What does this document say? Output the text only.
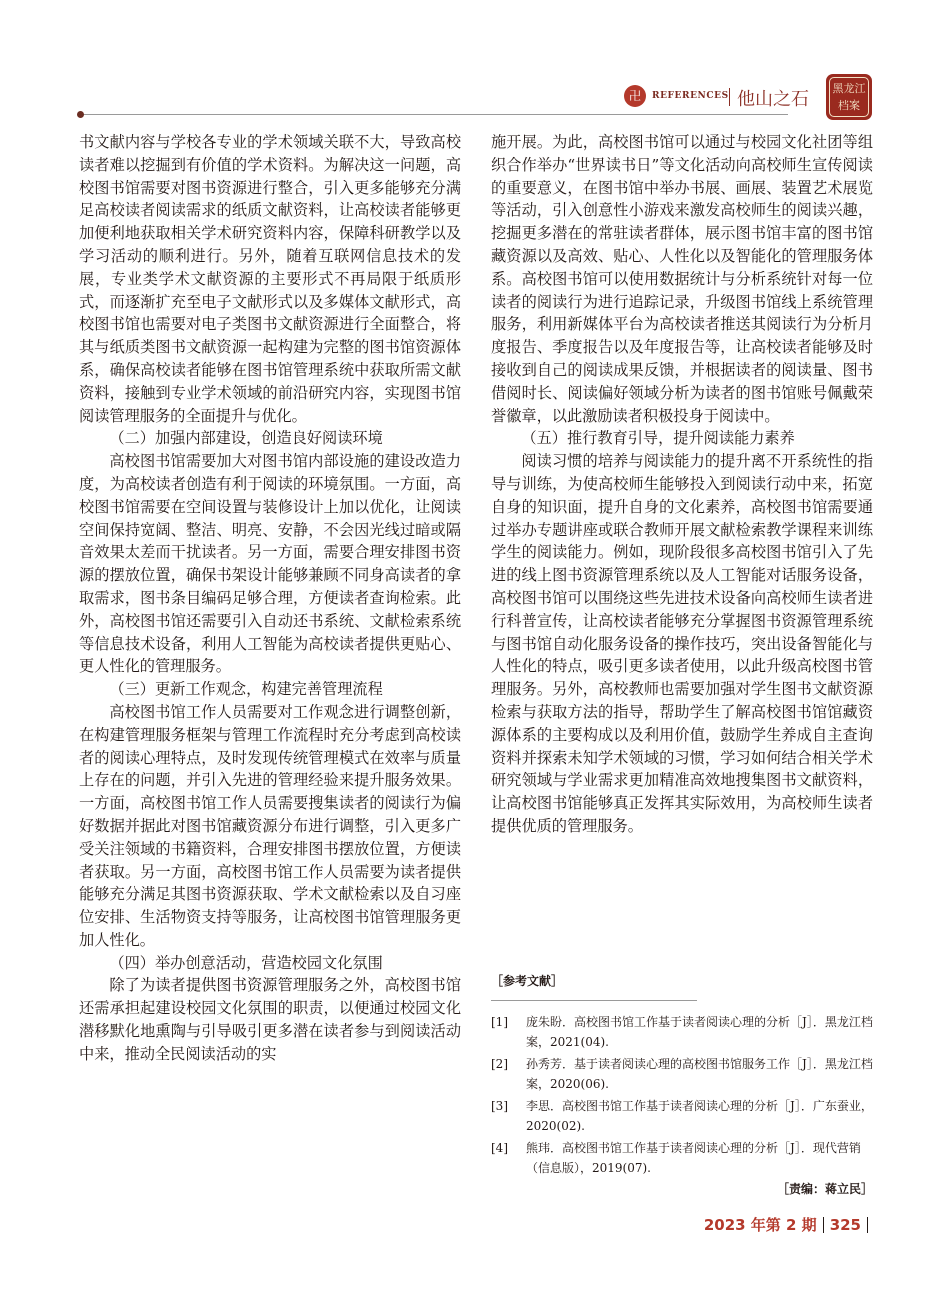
卍	REFERENCES 他山之石
黑龙江档案

书文献内容与学校各专业的学术领域关联不大，导致高校读者难以挖掘到有价值的学术资料。为解决这一问题，高校图书馆需要对图书资源进行整合，引入更多能够充分满足高校读者阅读需求的纸质文献资料，让高校读者能够更加便利地获取相关学术研究资料内容，保障科研教学以及学习活动的顺利进行。另外，随着互联网信息技术的发展，专业类学术文献资源的主要形式不再局限于纸质形式，而逐渐扩充至电子文献形式以及多媒体文献形式，高校图书馆也需要对电子类图书文献资源进行全面整合，将其与纸质类图书文献资源一起构建为完整的图书馆资源体系，确保高校读者能够在图书馆管理系统中获取所需文献资料，接触到专业学术领域的前沿研究内容，实现图书馆阅读管理服务的全面提升与优化。

（二）加强内部建设，创造良好阅读环境

高校图书馆需要加大对图书馆内部设施的建设改造力度，为高校读者创造有利于阅读的环境氛围。一方面，高校图书馆需要在空间设置与装修设计上加以优化，让阅读空间保持宽阔、整洁、明亮、安静，不会因光线过暗或隔音效果太差而干扰读者。另一方面，需要合理安排图书资源的摆放位置，确保书架设计能够兼顾不同身高读者的拿取需求，图书条目编码足够合理，方便读者查询检索。此外，高校图书馆还需要引入自动还书系统、文献检索系统等信息技术设备，利用人工智能为高校读者提供更贴心、更人性化的管理服务。

（三）更新工作观念，构建完善管理流程

高校图书馆工作人员需要对工作观念进行调整创新，在构建管理服务框架与管理工作流程时充分考虑到高校读者的阅读心理特点，及时发现传统管理模式在效率与质量上存在的问题，并引入先进的管理经验来提升服务效果。一方面，高校图书馆工作人员需要搜集读者的阅读行为偏好数据并据此对图书馆藏资源分布进行调整，引入更多广受关注领域的书籍资料，合理安排图书摆放位置，方便读者获取。另一方面，高校图书馆工作人员需要为读者提供能够充分满足其图书资源获取、学术文献检索以及自习座位安排、生活物资支持等服务，让高校图书馆管理服务更加人性化。

（四）举办创意活动，营造校园文化氛围

除了为读者提供图书资源管理服务之外，高校图书馆还需承担起建设校园文化氛围的职责，以便通过校园文化潜移默化地熏陶与引导吸引更多潜在读者参与到阅读活动中来，推动全民阅读活动的实

施开展。为此，高校图书馆可以通过与校园文化社团等组织合作举办“世界读书日”等文化活动向高校师生宣传阅读的重要意义，在图书馆中举办书展、画展、装置艺术展览等活动，引入创意性小游戏来激发高校师生的阅读兴趣，挖掘更多潜在的常驻读者群体，展示图书馆丰富的图书馆藏资源以及高效、贴心、人性化以及智能化的管理服务体系。高校图书馆可以使用数据统计与分析系统针对每一位读者的阅读行为进行追踪记录，升级图书馆线上系统管理服务，利用新媒体平台为高校读者推送其阅读行为分析月度报告、季度报告以及年度报告等，让高校读者能够及时接收到自己的阅读成果反馈，并根据读者的阅读量、图书借阅时长、阅读偏好领域分析为读者的图书馆账号佩戴荣誉徽章，以此激励读者积极投身于阅读中。

（五）推行教育引导，提升阅读能力素养

阅读习惯的培养与阅读能力的提升离不开系统性的指导与训练，为使高校师生能够投入到阅读行动中来，拓宽自身的知识面，提升自身的文化素养，高校图书馆需要通过举办专题讲座或联合教师开展文献检索教学课程来训练学生的阅读能力。例如，现阶段很多高校图书馆引入了先进的线上图书资源管理系统以及人工智能对话服务设备，高校图书馆可以围绕这些先进技术设备向高校师生读者进行科普宣传，让高校读者能够充分掌握图书资源管理系统与图书馆自动化服务设备的操作技巧，突出设备智能化与人性化的特点，吸引更多读者使用，以此升级高校图书管理服务。另外，高校教师也需要加强对学生图书文献资源检索与获取方法的指导，帮助学生了解高校图书馆馆藏资源体系的主要构成以及利用价值，鼓励学生养成自主查询资料并探索未知学术领域的习惯，学习如何结合相关学术研究领域与学业需求更加精准高效地搜集图书文献资料，让高校图书馆能够真正发挥其实际效用，为高校师生读者提供优质的管理服务。

［参考文献］
[1]	庞朱盼．高校图书馆工作基于读者阅读心理的分析［J］．黑龙江档案，2021(04).
[2]	孙秀芳．基于读者阅读心理的高校图书馆服务工作［J］．黑龙江档案，2020(06).
[3]	李思．高校图书馆工作基于读者阅读心理的分析［J］．广东蚕业，2020(02).
[4]	熊玮．高校图书馆工作基于读者阅读心理的分析［J］．现代营销（信息版），2019(07).
［责编：蒋立民］
2023 年第 2 期 325
